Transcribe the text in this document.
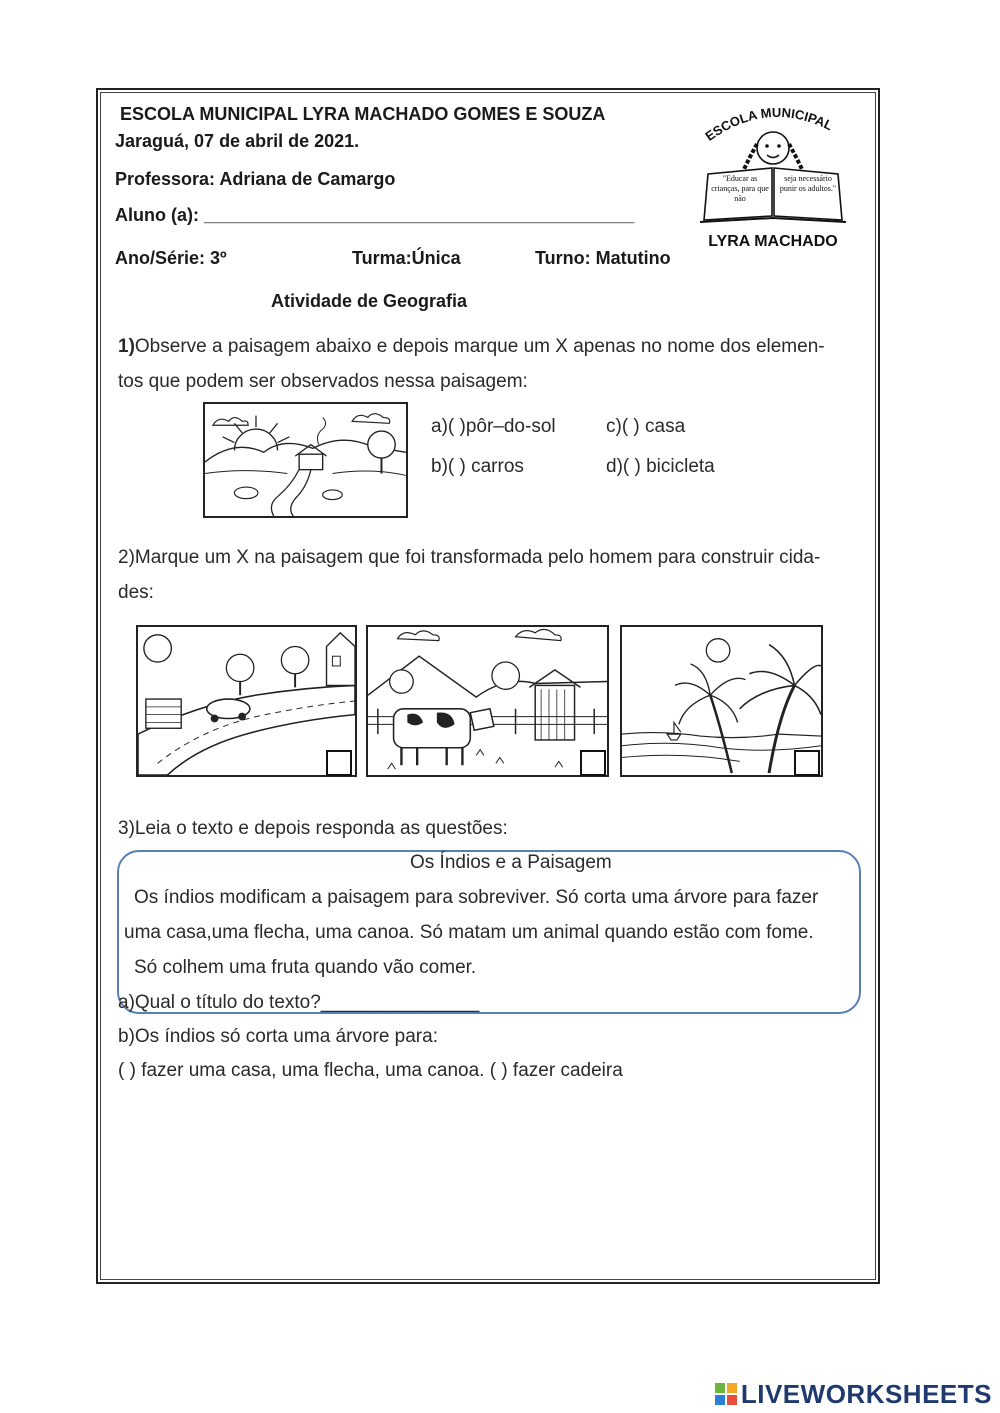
ESCOLA MUNICIPAL LYRA MACHADO GOMES E SOUZA
Jaraguá, 07 de abril de 2021.
Professora: Adriana de Camargo
Aluno (a): ___________________________________________
Ano/Série: 3º	Turma:Única	Turno: Matutino
ESCOLA MUNICIPAL
"Educar as crianças, para que não
seja necessário punir os adultos."
LYRA MACHADO
Atividade de Geografia
1)Observe a paisagem abaixo e depois marque um X apenas no nome dos elemen-
tos que podem ser observados nessa paisagem:
a)( )pôr–do-sol	c)( ) casa
b)( ) carros	d)( ) bicicleta
2)Marque um X na paisagem que foi transformada pelo homem para construir cida-
des:
3)Leia o texto e depois responda as questões:
Os Índios e a Paisagem
Os índios modificam a paisagem para sobreviver. Só corta uma árvore para fazer
uma casa,uma flecha, uma canoa. Só matam um animal quando estão com fome.
Só colhem uma fruta quando vão comer.
a)Qual o título do texto?_______________
b)Os índios só corta uma árvore para:
( ) fazer uma casa, uma flecha, uma canoa. ( ) fazer cadeira
LIVEWORKSHEETS
